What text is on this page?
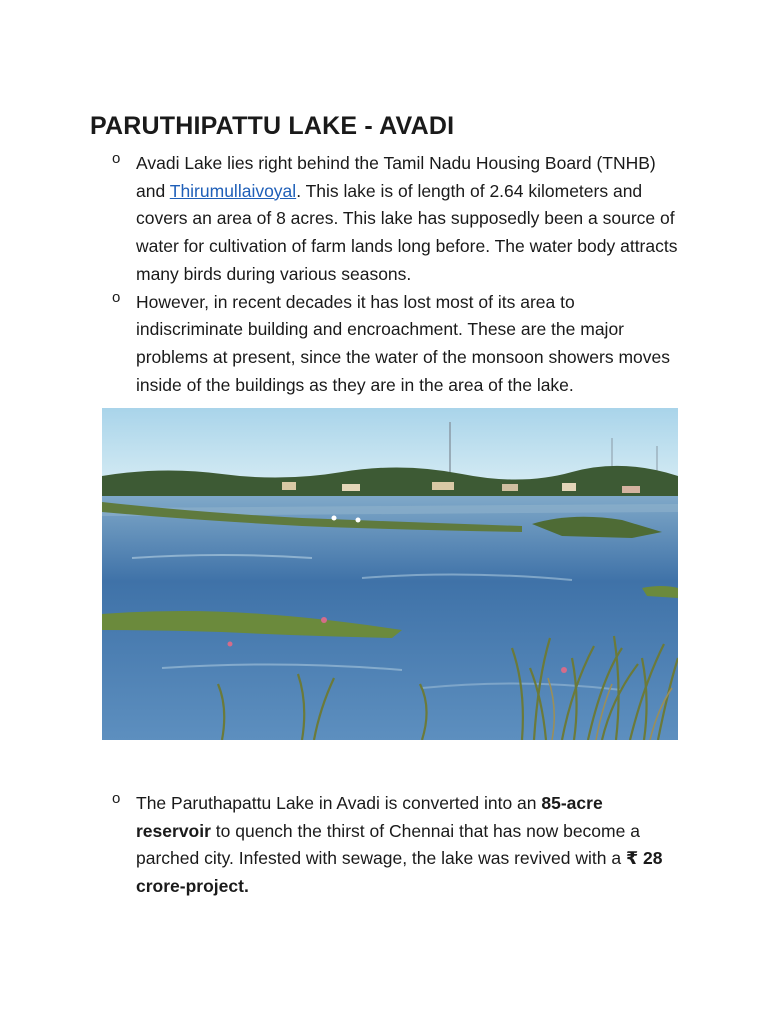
PARUTHIPATTU LAKE - AVADI
o Avadi Lake lies right behind the Tamil Nadu Housing Board (TNHB) and Thirumullaivoyal. This lake is of length of 2.64 kilometers and covers an area of 8 acres. This lake has supposedly been a source of water for cultivation of farm lands long before. The water body attracts many birds during various seasons.

o However, in recent decades it has lost most of its area to indiscriminate building and encroachment. These are the major problems at present, since the water of the monsoon showers moves inside of the buildings as they are in the area of the lake.

o The Paruthapattu Lake in Avadi is converted into an 85-acre reservoir to quench the thirst of Chennai that has now become a parched city. Infested with sewage, the lake was revived with a ₹ 28 crore-project.
